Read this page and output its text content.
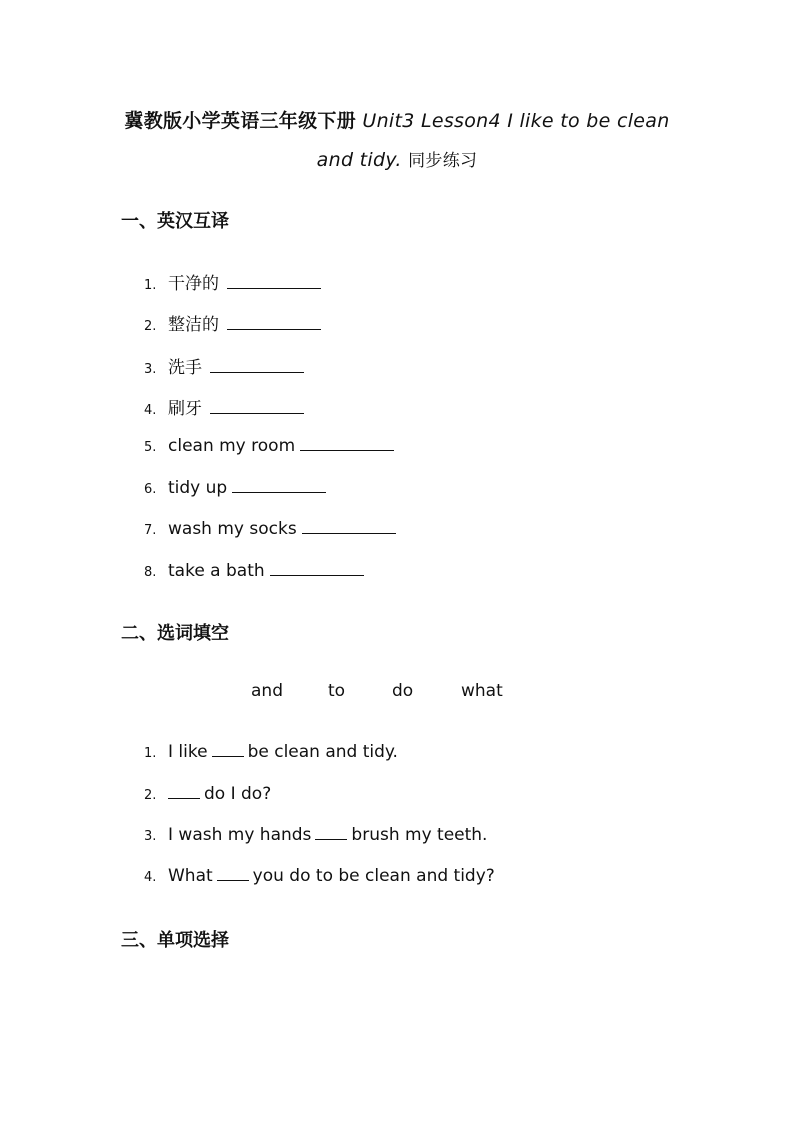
冀教版小学英语三年级下册 Unit3 Lesson4 I like to be clean
and tidy. 同步练习
一、英汉互译
1. 干净的
2. 整洁的
3. 洗手
4. 刷牙
5. clean my room
6. tidy up
7. wash my socks
8. take a bath
二、选词填空
and	to	do	what
1. I like be clean and tidy.
2.	do I do?
3. I wash my hands brush my teeth.
4. What you do to be clean and tidy?
三、单项选择
